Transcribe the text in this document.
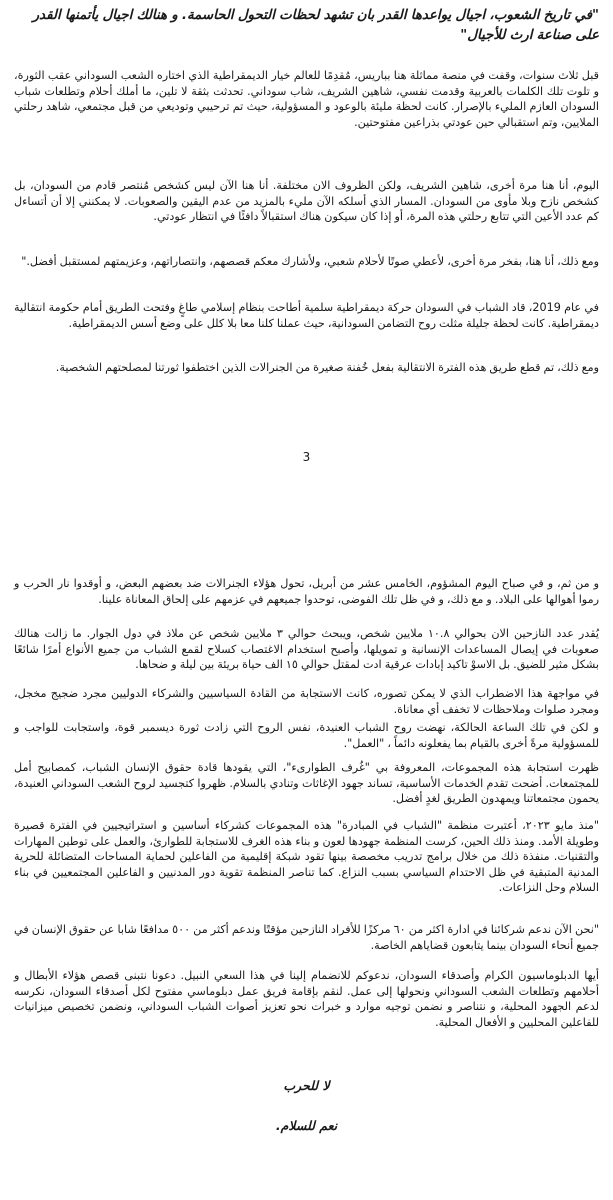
"في تاريخ الشعوب، اجيال يواعدها القدر بان تشهد لحظات التحول الحاسمة. و هنالك اجيال يأتمنها القدر على صناعة ارث للأجيال"

قبل ثلاث سنوات، وقفت في منصة مماثلة هنا بباريس، مُقدِمًا للعالم خيار الديمقراطية الذي اختاره الشعب السوداني عقب الثورة، و تلوت تلك الكلمات بالعربية وقدمت نفسي، شاهين الشريف، شاب سوداني. تحدثت بثقة لا تلين، ما أملك أحلام وتطلعات شباب السودان العازم المليء بالإصرار. كانت لحظة مليئة بالوعود و المسؤولية، حيث تم ترحيبي وتوديعي من قبل مجتمعي، شاهد رحلتي الملايين، وتم استقبالي حين عودتي بذراعين مفتوحتين.

اليوم، أنا هنا مرة أخرى، شاهين الشريف، ولكن الظروف الان مختلفة. أنا هنا الآن ليس كشخص مُنتصر قادم من السودان، بل كشخص نازح وبلا مأوى من السودان. المسار الذي أسلكه الآن مليء بالمزيد من عدم اليقين والصعوبات. لا يمكنني إلا أن أتساءل كم عدد الأعين التي تتابع رحلتي هذه المرة، أو إذا كان سيكون هناك استقبالاً دافئًا في انتظار عودتي.

ومع ذلك، أنا هنا، بفخر مرة أخرى، لأعطي صوتًا لأحلام شعبي، ولأشارك معكم قصصهم، وانتصاراتهم، وعزيمتهم لمستقبل أفضل."

في عام 2019، قاد الشباب في السودان حركة ديمقراطية سلمية أطاحت بنظام إسلامي طاغٍ وفتحت الطريق أمام حكومة انتقالية ديمقراطية. كانت لحظة جليلة مثلت روح التضامن السودانية، حيث عملنا كلنا معا بلا كلل على وضع أسس الديمقراطية.

ومع ذلك، تم قطع طريق هذه الفترة الانتقالية بفعل خُفنة صغيرة من الجنرالات الذين اختطفوا ثورتنا لمصلحتهم الشخصية.

3

و من ثم، و في صباح اليوم المشؤوم، الخامس عشر من أبريل، تحول هؤلاء الجنرالات ضد بعضهم البعض، و أوقدوا نار الحرب و رموا أهوالها على البلاد. و مع ذلك، و في ظل تلك الفوضى، توحدوا جميعهم في عزمهم على إلحاق المعاناة علينا.

يُقدر عدد النازحين الان بحوالي ١٠.٨ ملايين شخص، ويبحث حوالي ٣ ملايين شخص عن ملاذ في دول الجوار. ما زالت هنالك صعوبات في إيصال المساعدات الإنسانية و تمويلها، وأصبح استخدام الاغتصاب كسلاح لقمع الشباب من جميع الأنواع أمرًا شائعًا بشكل مثير للضيق. بل الاسوْ تاكيد إبادات عرقية ادت لمقتل حوالي ١٥ الف حياة بريئة بين ليلة و ضحاها.

في مواجهة هذا الاضطراب الذي لا يمكن تصوره، كانت الاستجابة من القادة السياسيين والشركاء الدوليين مجرد ضجيج مخجل، ومجرد صلوات وملاحظات لا تخفف أي معاناة.

و لكن في تلك الساعة الحالكة، نهضت روح الشباب العنيدة، نفس الروح التي زادت ثورة ديسمبر قوة، واستجابت للواجب و للمسؤولية مرةً أخرى بالقيام بما يفعلونه دائماً ، "العمل".

ظهرت استجابة هذه المجموعات، المعروفة بي "غُرف الطوارىء"، التي يقودها قادة حقوق الإنسان الشباب، كمصابيح أمل للمجتمعات. أضحت تقدم الخدمات الأساسية، تساند جهود الإغاثات وتنادي بالسلام. ظهروا كتجسيد لروح الشعب السوداني العنيدة، يحمون مجتمعاتنا ويمهدون الطريق لغدٍ أفضل.

"منذ مايو ٢٠٢٣، أعتبرت منظمة "الشباب في المبادرة" هذه المجموعات كشركاء أساسين و استراتيجيين في الفترة قصيرة وطويلة الأمد. ومنذ ذلك الحين، كرست المنظمة جهودها لعون و بناء هذه الغرف للاستجابة للطوارئ، والعمل على توطين المهارات والتقنيات. منفذة ذلك من خلال برامج تدريب مخصصة بينها تقود شبكة إقليمية من الفاعلين لحماية المساحات المتضائلة للحرية المدنية المتبقية في ظل الاحتدام السياسي بسبب النزاع. كما تناصر المنظمة تقوية دور المدنيين و الفاعلين المجتمعيين في بناء السلام وحل النزاعات.

"نحن الآن ندعم شركائنا في ادارة اكثر من ٦٠ مركزًا للأفراد النازحين مؤقتًا وندعم أكثر من ٥٠٠ مدافعًا شابا عن حقوق الإنسان في جميع أنحاء السودان بينما يتابعون قضاياهم الخاصة.

أيها الدبلوماسيون الكرام وأصدقاء السودان، ندعوكم للانضمام إلينا في هذا السعي النبيل. دعونا نتبنى قصص هؤلاء الأبطال و أحلامهم وتطلعات الشعب السوداني ونحولها إلى عمل. لنقم بإقامة فريق عمل دبلوماسي مفتوح لكل أصدقاء السودان، نكرسه لدعم الجهود المحلية، و نتناصر و نضمن توجيه موارد و خبرات نحو تعزيز أصوات الشباب السوداني، ونضمن تخصيص ميزانيات للفاعلين المحليين و الأفعال المحلية.

لا للحرب

نعم للسلام.
